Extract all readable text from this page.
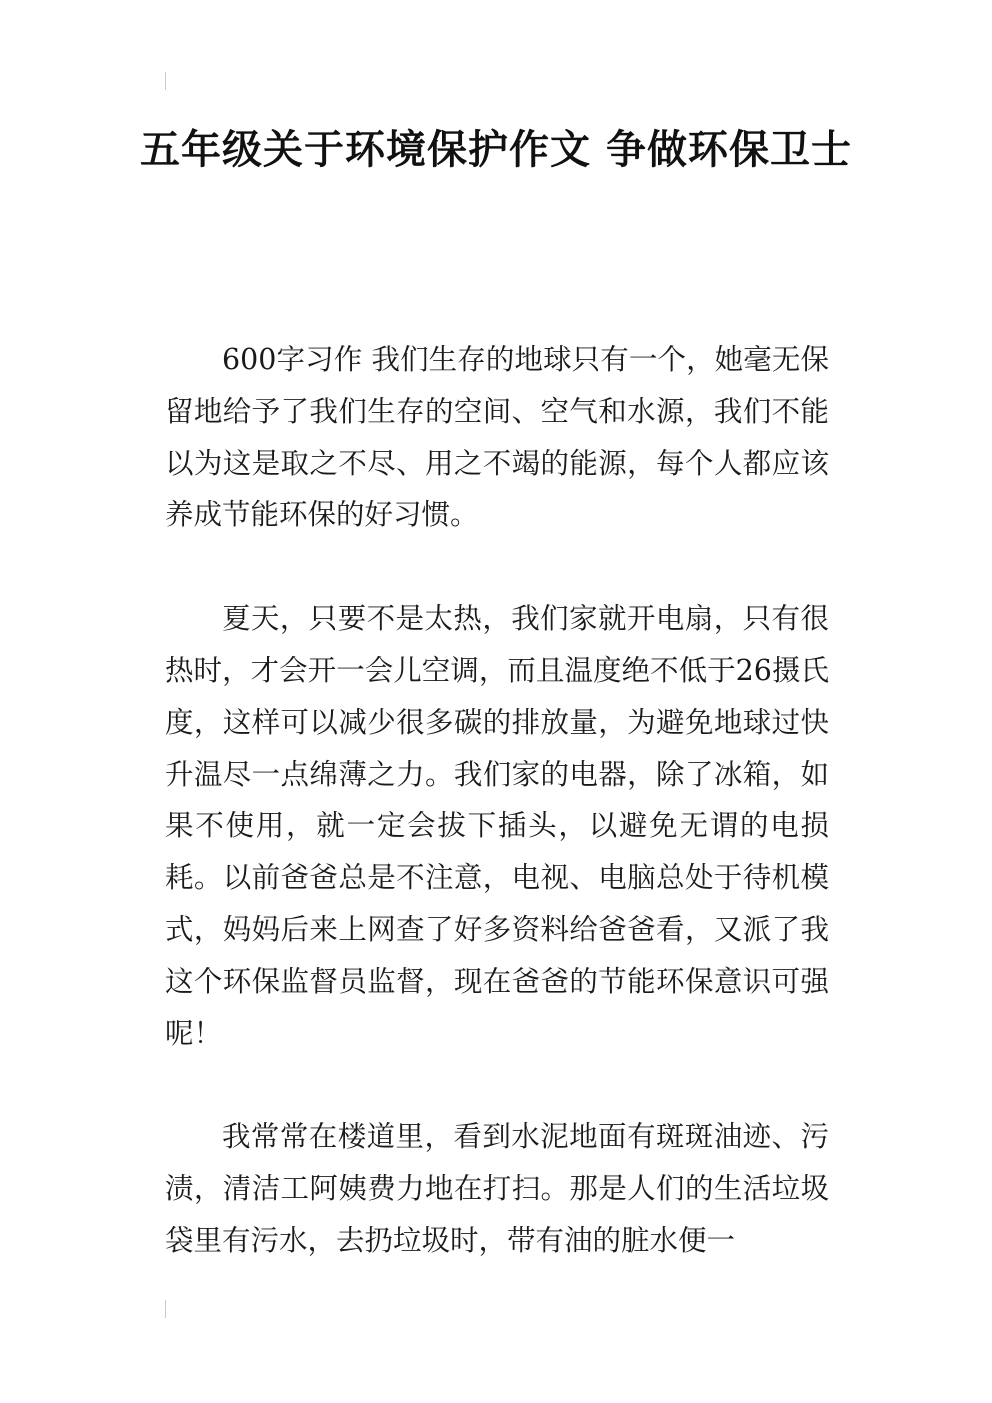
五年级关于环境保护作文 争做环保卫士

600字习作 我们生存的地球只有一个，她毫无保留地给予了我们生存的空间、空气和水源，我们不能以为这是取之不尽、用之不竭的能源，每个人都应该养成节能环保的好习惯。

夏天，只要不是太热，我们家就开电扇，只有很热时，才会开一会儿空调，而且温度绝不低于26摄氏度，这样可以减少很多碳的排放量，为避免地球过快升温尽一点绵薄之力。我们家的电器，除了冰箱，如果不使用，就一定会拔下插头，以避免无谓的电损耗。以前爸爸总是不注意，电视、电脑总处于待机模式，妈妈后来上网查了好多资料给爸爸看，又派了我这个环保监督员监督，现在爸爸的节能环保意识可强呢！

我常常在楼道里，看到水泥地面有斑斑油迹、污渍，清洁工阿姨费力地在打扫。那是人们的生活垃圾袋里有污水，去扔垃圾时，带有油的脏水便一
